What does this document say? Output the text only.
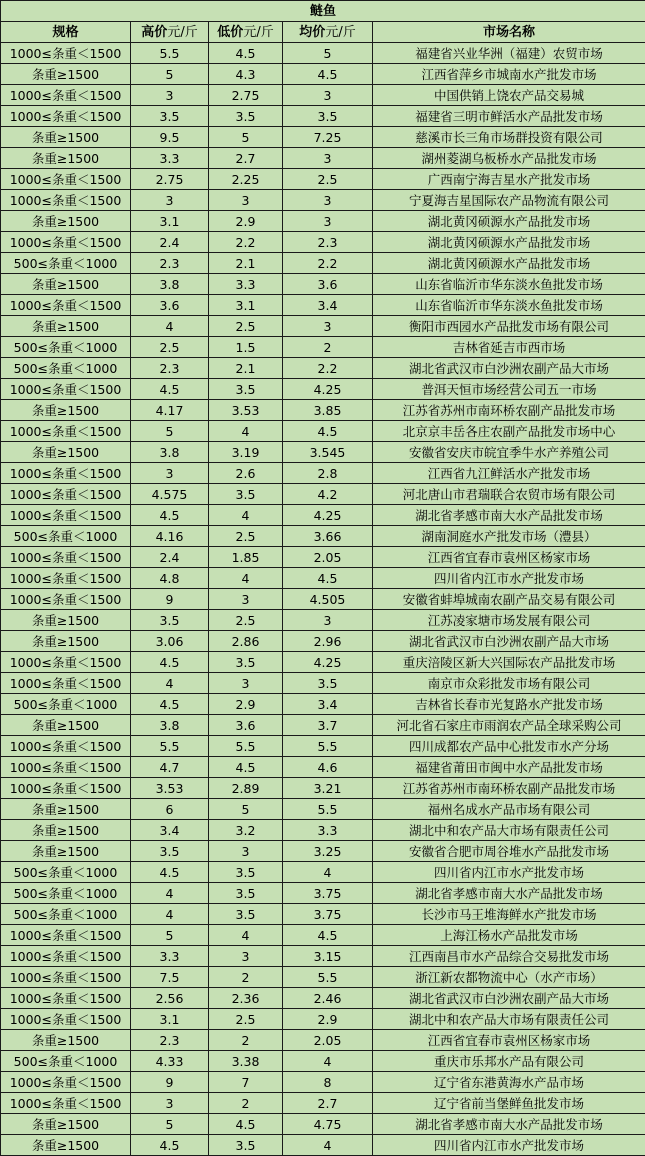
鲢鱼				
规格	高价元/斤	低价元/斤	均价元/斤	市场名称
1000≤条重＜1500	5.5	4.5	5	福建省兴业华洲（福建）农贸市场
条重≥1500	5	4.3	4.5	江西省萍乡市城南水产批发市场
1000≤条重＜1500	3	2.75	3	中国供销上饶农产品交易城
1000≤条重＜1500	3.5	3.5	3.5	福建省三明市鲜活水产品批发市场
条重≥1500	9.5	5	7.25	慈溪市长三角市场群投资有限公司
条重≥1500	3.3	2.7	3	湖州菱湖乌板桥水产品批发市场
1000≤条重＜1500	2.75	2.25	2.5	广西南宁海吉星水产批发市场
1000≤条重＜1500	3	3	3	宁夏海吉星国际农产品物流有限公司
条重≥1500	3.1	2.9	3	湖北黄冈硕源水产品批发市场
1000≤条重＜1500	2.4	2.2	2.3	湖北黄冈硕源水产品批发市场
500≤条重＜1000	2.3	2.1	2.2	湖北黄冈硕源水产品批发市场
条重≥1500	3.8	3.3	3.6	山东省临沂市华东淡水鱼批发市场
1000≤条重＜1500	3.6	3.1	3.4	山东省临沂市华东淡水鱼批发市场
条重≥1500	4	2.5	3	衡阳市西园水产品批发市场有限公司
500≤条重＜1000	2.5	1.5	2	吉林省延吉市西市场
500≤条重＜1000	2.3	2.1	2.2	湖北省武汉市白沙洲农副产品大市场
1000≤条重＜1500	4.5	3.5	4.25	普洱天恒市场经营公司五一市场
条重≥1500	4.17	3.53	3.85	江苏省苏州市南环桥农副产品批发市场
1000≤条重＜1500	5	4	4.5	北京京丰岳各庄农副产品批发市场中心
条重≥1500	3.8	3.19	3.545	安徽省安庆市皖宜季牛水产养殖公司
1000≤条重＜1500	3	2.6	2.8	江西省九江鲜活水产批发市场
1000≤条重＜1500	4.575	3.5	4.2	河北唐山市君瑞联合农贸市场有限公司
1000≤条重＜1500	4.5	4	4.25	湖北省孝感市南大水产品批发市场
500≤条重＜1000	4.16	2.5	3.66	湖南洞庭水产批发市场（澧县）
1000≤条重＜1500	2.4	1.85	2.05	江西省宜春市袁州区杨家市场
1000≤条重＜1500	4.8	4	4.5	四川省内江市水产批发市场
1000≤条重＜1500	9	3	4.505	安徽省蚌埠城南农副产品交易有限公司
条重≥1500	3.5	2.5	3	江苏凌家塘市场发展有限公司
条重≥1500	3.06	2.86	2.96	湖北省武汉市白沙洲农副产品大市场
1000≤条重＜1500	4.5	3.5	4.25	重庆涪陵区新大兴国际农产品批发市场
1000≤条重＜1500	4	3	3.5	南京市众彩批发市场有限公司
500≤条重＜1000	4.5	2.9	3.4	吉林省长春市光复路水产批发市场
条重≥1500	3.8	3.6	3.7	河北省石家庄市雨润农产品全球采购公司
1000≤条重＜1500	5.5	5.5	5.5	四川成都农产品中心批发市水产分场
1000≤条重＜1500	4.7	4.5	4.6	福建省莆田市闽中水产品批发市场
1000≤条重＜1500	3.53	2.89	3.21	江苏省苏州市南环桥农副产品批发市场
条重≥1500	6	5	5.5	福州名成水产品市场有限公司
条重≥1500	3.4	3.2	3.3	湖北中和农产品大市场有限责任公司
条重≥1500	3.5	3	3.25	安徽省合肥市周谷堆水产品批发市场
500≤条重＜1000	4.5	3.5	4	四川省内江市水产批发市场
500≤条重＜1000	4	3.5	3.75	湖北省孝感市南大水产品批发市场
500≤条重＜1000	4	3.5	3.75	长沙市马王堆海鲜水产批发市场
1000≤条重＜1500	5	4	4.5	上海江杨水产品批发市场
1000≤条重＜1500	3.3	3	3.15	江西南昌市水产品综合交易批发市场
1000≤条重＜1500	7.5	2	5.5	浙江新农都物流中心（水产市场）
1000≤条重＜1500	2.56	2.36	2.46	湖北省武汉市白沙洲农副产品大市场
1000≤条重＜1500	3.1	2.5	2.9	湖北中和农产品大市场有限责任公司
条重≥1500	2.3	2	2.05	江西省宜春市袁州区杨家市场
500≤条重＜1000	4.33	3.38	4	重庆市乐邦水产品有限公司
1000≤条重＜1500	9	7	8	辽宁省东港黄海水产品市场
1000≤条重＜1500	3	2	2.7	辽宁省前当堡鲜鱼批发市场
条重≥1500	5	4.5	4.75	湖北省孝感市南大水产品批发市场
条重≥1500	4.5	3.5	4	四川省内江市水产批发市场
